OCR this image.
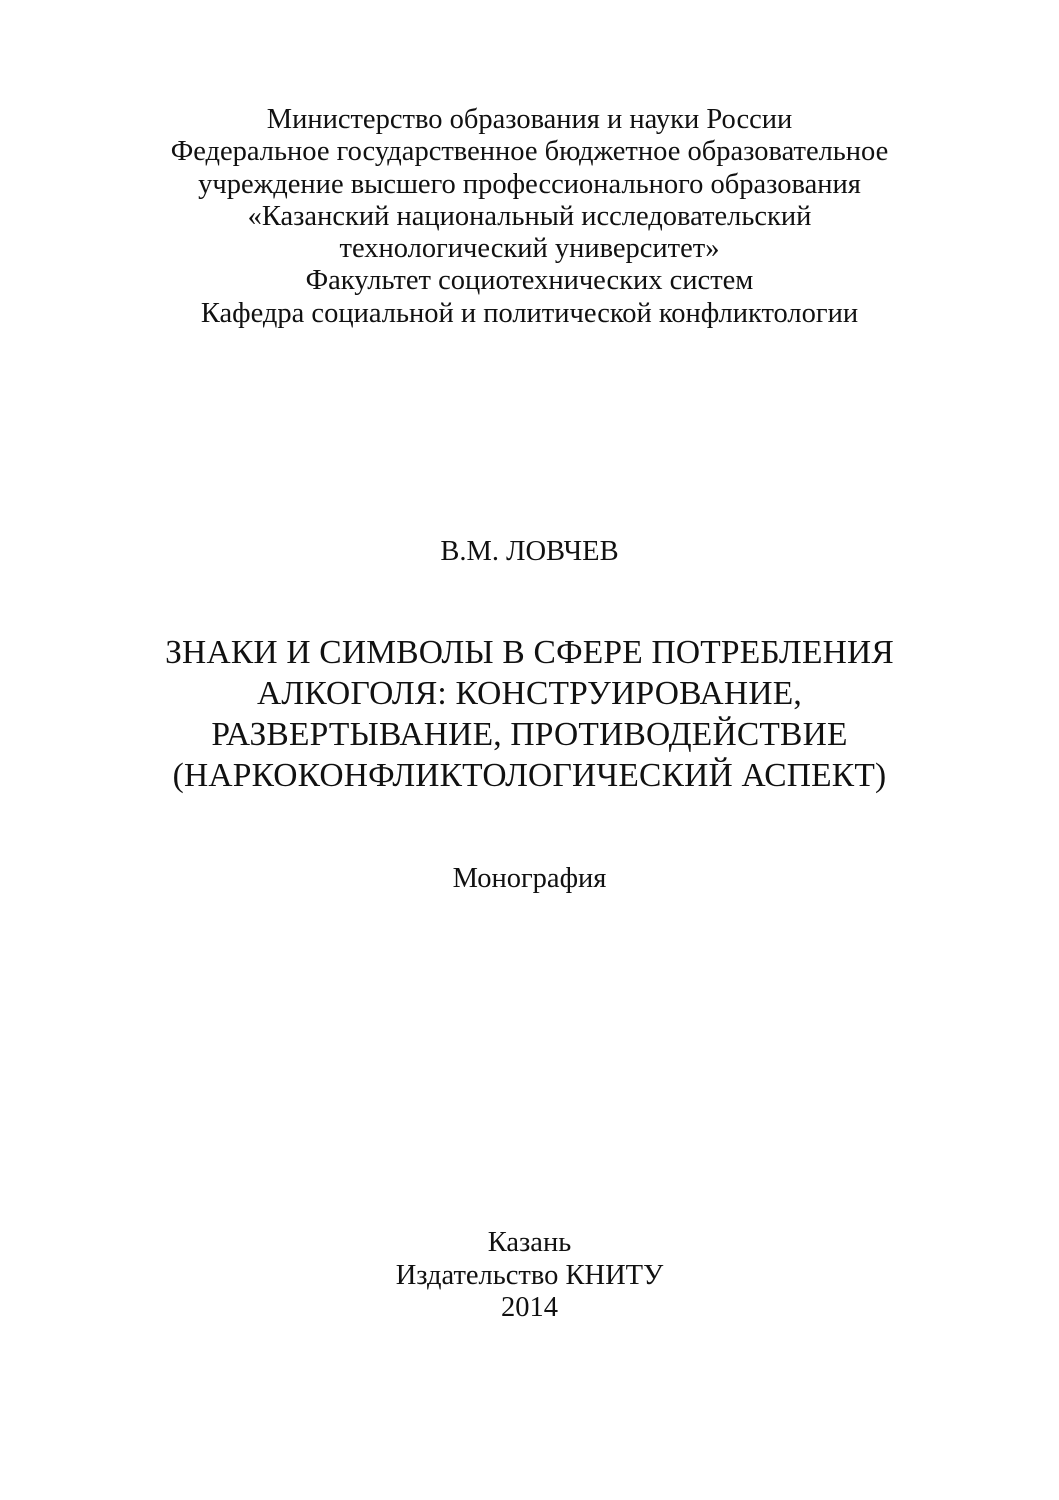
Министерство образования и науки России
Федеральное государственное бюджетное образовательное
учреждение высшего профессионального образования
«Казанский национальный исследовательский
технологический университет»
Факультет социотехнических систем
Кафедра социальной и политической конфликтологии
В.М. ЛОВЧЕВ
ЗНАКИ И СИМВОЛЫ В СФЕРЕ ПОТРЕБЛЕНИЯ
АЛКОГОЛЯ: КОНСТРУИРОВАНИЕ,
РАЗВЕРТЫВАНИЕ, ПРОТИВОДЕЙСТВИЕ
(НАРКОКОНФЛИКТОЛОГИЧЕСКИЙ АСПЕКТ)
Монография
Казань
Издательство КНИТУ
2014
